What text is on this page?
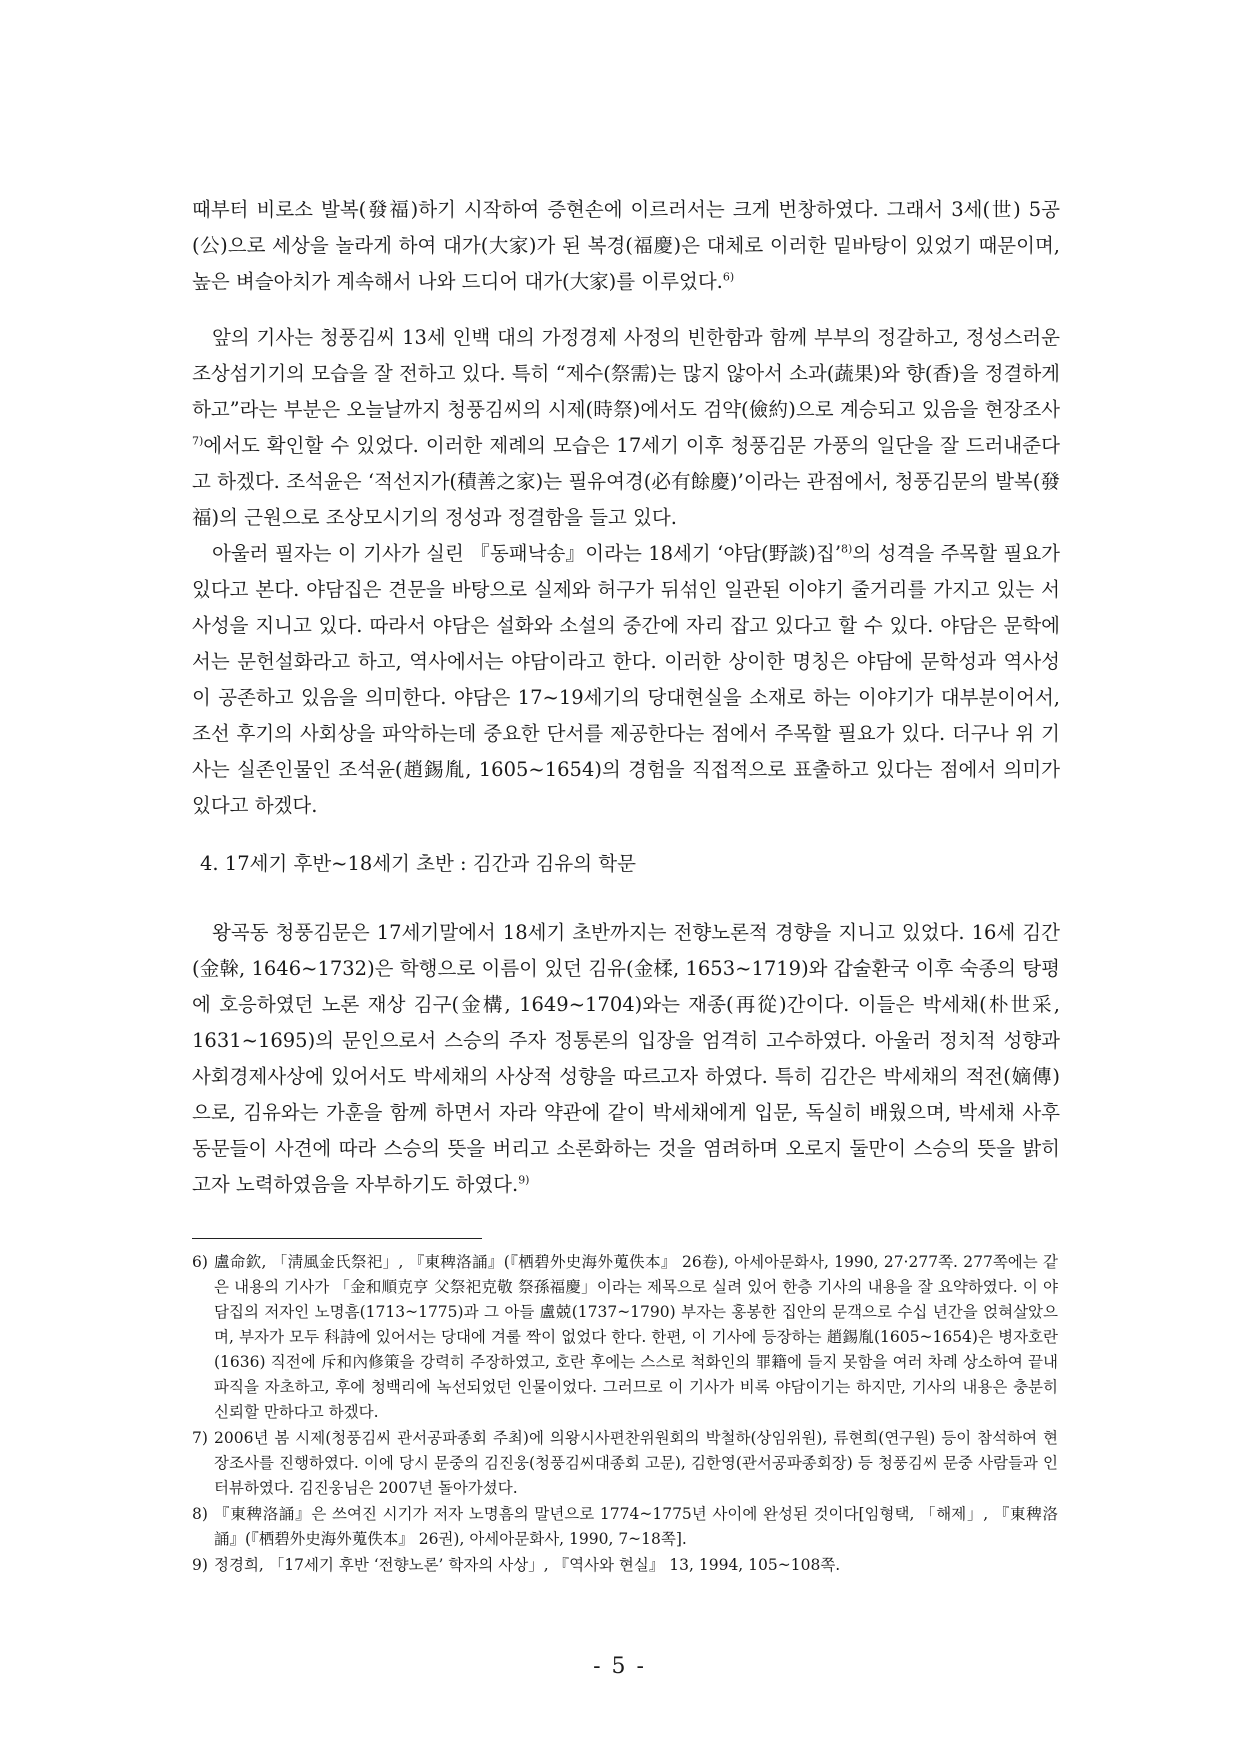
때부터 비로소 발복(發福)하기 시작하여 증현손에 이르러서는 크게 번창하였다. 그래서 3세(世) 5공(公)으로 세상을 놀라게 하여 대가(大家)가 된 복경(福慶)은 대체로 이러한 밑바탕이 있었기 때문이며, 높은 벼슬아치가 계속해서 나와 드디어 대가(大家)를 이루었다.$^{6)}$

앞의 기사는 청풍김씨 13세 인백 대의 가정경제 사정의 빈한함과 함께 부부의 정갈하고, 정성스러운 조상섬기기의 모습을 잘 전하고 있다. 특히 “제수(祭需)는 많지 않아서 소과(蔬果)와 향(香)을 정결하게 하고”라는 부분은 오늘날까지 청풍김씨의 시제(時祭)에서도 검약(儉約)으로 계승되고 있음을 현장조사$^{7)}$에서도 확인할 수 있었다. 이러한 제례의 모습은 17세기 이후 청풍김문 가풍의 일단을 잘 드러내준다고 하겠다. 조석윤은 ‘적선지가(積善之家)는 필유여경(必有餘慶)’이라는 관점에서, 청풍김문의 발복(發福)의 근원으로 조상모시기의 정성과 정결함을 들고 있다.

아울러 필자는 이 기사가 실린 『동패낙송』이라는 18세기 ‘야담(野談)집’$^{8)}$의 성격을 주목할 필요가 있다고 본다. 야담집은 견문을 바탕으로 실제와 허구가 뒤섞인 일관된 이야기 줄거리를 가지고 있는 서사성을 지니고 있다. 따라서 야담은 설화와 소설의 중간에 자리 잡고 있다고 할 수 있다. 야담은 문학에서는 문헌설화라고 하고, 역사에서는 야담이라고 한다. 이러한 상이한 명칭은 야담에 문학성과 역사성이 공존하고 있음을 의미한다. 야담은 17~19세기의 당대현실을 소재로 하는 이야기가 대부분이어서, 조선 후기의 사회상을 파악하는데 중요한 단서를 제공한다는 점에서 주목할 필요가 있다. 더구나 위 기사는 실존인물인 조석윤(趙錫胤, 1605~1654)의 경험을 직접적으로 표출하고 있다는 점에서 의미가 있다고 하겠다.

4. 17세기 후반~18세기 초반 : 김간과 김유의 학문

왕곡동 청풍김문은 17세기말에서 18세기 초반까지는 전향노론적 경향을 지니고 있었다. 16세 김간(金榦, 1646~1732)은 학행으로 이름이 있던 김유(金楺, 1653~1719)와 갑술환국 이후 숙종의 탕평에 호응하였던 노론 재상 김구(金構, 1649~1704)와는 재종(再從)간이다. 이들은 박세채(朴世采, 1631~1695)의 문인으로서 스승의 주자 정통론의 입장을 엄격히 고수하였다. 아울러 정치적 성향과 사회경제사상에 있어서도 박세채의 사상적 성향을 따르고자 하였다. 특히 김간은 박세채의 적전(嫡傳)으로, 김유와는 가훈을 함께 하면서 자라 약관에 같이 박세채에게 입문, 독실히 배웠으며, 박세채 사후 동문들이 사견에 따라 스승의 뜻을 버리고 소론화하는 것을 염려하며 오로지 둘만이 스승의 뜻을 밝히고자 노력하였음을 자부하기도 하였다.$^{9)}$

6) 盧命欽, 「淸風金氏祭祀」, 『東稗洛誦』(『栖碧外史海外蒐佚本』 26卷), 아세아문화사, 1990, 27·277쪽. 277쪽에는 같은 내용의 기사가 「金和順克亨 父祭祀克敬 祭孫福慶」이라는 제목으로 실려 있어 한층 기사의 내용을 잘 요약하였다. 이 야담집의 저자인 노명흠(1713~1775)과 그 아들 盧兢(1737~1790) 부자는 홍봉한 집안의 문객으로 수십 년간을 얹혀살았으며, 부자가 모두 科詩에 있어서는 당대에 겨룰 짝이 없었다 한다. 한편, 이 기사에 등장하는 趙錫胤(1605~1654)은 병자호란(1636) 직전에 斥和內修策을 강력히 주장하였고, 호란 후에는 스스로 척화인의 罪籍에 들지 못함을 여러 차례 상소하여 끝내 파직을 자초하고, 후에 청백리에 녹선되었던 인물이었다. 그러므로 이 기사가 비록 야담이기는 하지만, 기사의 내용은 충분히 신뢰할 만하다고 하겠다.
7) 2006년 봄 시제(청풍김씨 관서공파종회 주최)에 의왕시사편찬위원회의 박철하(상임위원), 류현희(연구원) 등이 참석하여 현장조사를 진행하였다. 이에 당시 문중의 김진웅(청풍김씨대종회 고문), 김한영(관서공파종회장) 등 청풍김씨 문중 사람들과 인터뷰하였다. 김진웅님은 2007년 돌아가셨다.
8) 『東稗洛誦』은 쓰여진 시기가 저자 노명흠의 말년으로 1774~1775년 사이에 완성된 것이다[임형택, 「해제」, 『東稗洛誦』(『栖碧外史海外蒐佚本』 26권), 아세아문화사, 1990, 7~18쪽].
9) 정경희, 「17세기 후반 ‘전향노론’ 학자의 사상」, 『역사와 현실』 13, 1994, 105~108쪽.
- 5 -
